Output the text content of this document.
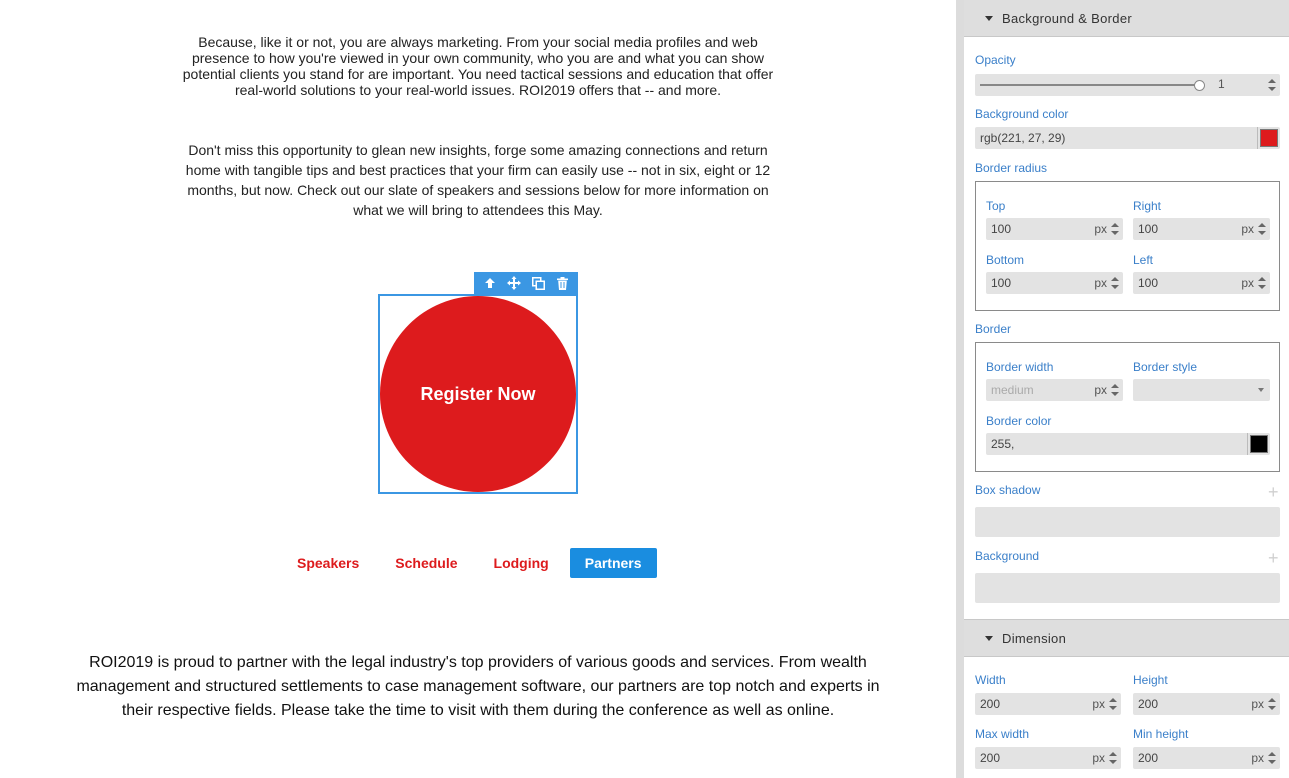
Because, like it or not, you are always marketing. From your social media profiles and web presence to how you're viewed in your own community, who you are and what you can show potential clients you stand for are important. You need tactical sessions and education that offer real-world solutions to your real-world issues. ROI2019 offers that -- and more.
Don't miss this opportunity to glean new insights, forge some amazing connections and return home with tangible tips and best practices that your firm can easily use -- not in six, eight or 12 months, but now. Check out our slate of speakers and sessions below for more information on what we will bring to attendees this May.
Register Now
Speakers	Schedule	Lodging	Partners
ROI2019 is proud to partner with the legal industry's top providers of various goods and services. From wealth management and structured settlements to case management software, our partners are top notch and experts in their respective fields. Please take the time to visit with them during the conference as well as online.
Background & Border
Opacity
1
Background color
rgb(221, 27, 29)
Border radius
Top
100	px
Right
100	px
Bottom
100	px
Left
100	px
Border
Border width
medium	px
Border style
Border color
255,
Box shadow	+
Background	+
Dimension
Width
200	px
Height
200	px
Max width
200	px
Min height
200	px
